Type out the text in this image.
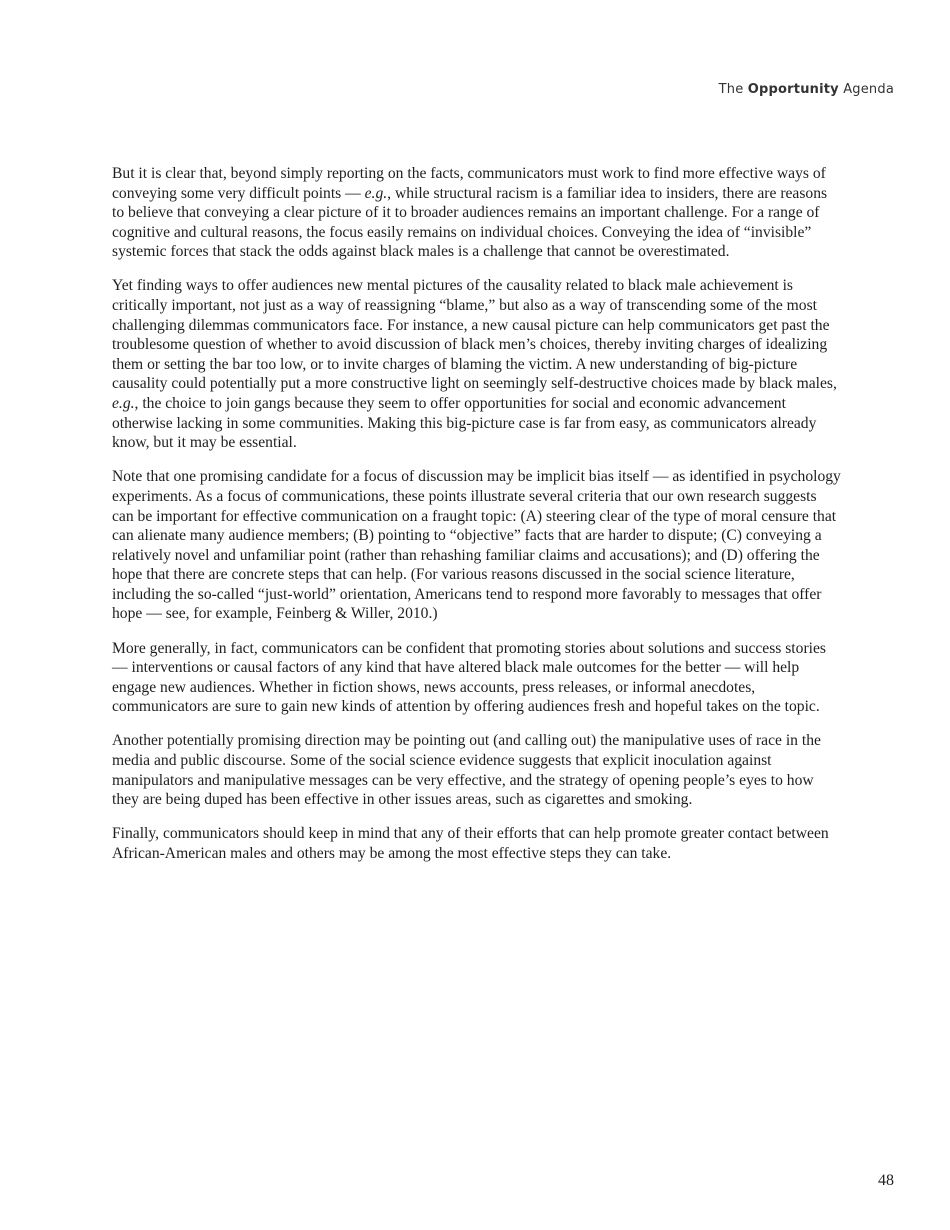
The Opportunity Agenda

But it is clear that, beyond simply reporting on the facts, communicators must work to find more effective ways of conveying some very difficult points — e.g., while structural racism is a familiar idea to insiders, there are reasons to believe that conveying a clear picture of it to broader audiences remains an important challenge. For a range of cognitive and cultural reasons, the focus easily remains on individual choices. Conveying the idea of “invisible” systemic forces that stack the odds against black males is a challenge that cannot be overestimated.

Yet finding ways to offer audiences new mental pictures of the causality related to black male achievement is critically important, not just as a way of reassigning “blame,” but also as a way of transcending some of the most challenging dilemmas communicators face. For instance, a new causal picture can help communicators get past the troublesome question of whether to avoid discussion of black men’s choices, thereby inviting charges of idealizing them or setting the bar too low, or to invite charges of blaming the victim. A new understanding of big-picture causality could potentially put a more constructive light on seemingly self-destructive choices made by black males, e.g., the choice to join gangs because they seem to offer opportunities for social and economic advancement otherwise lacking in some communities. Making this big-picture case is far from easy, as communicators already know, but it may be essential.

Note that one promising candidate for a focus of discussion may be implicit bias itself — as identified in psychology experiments. As a focus of communications, these points illustrate several criteria that our own research suggests can be important for effective communication on a fraught topic: (A) steering clear of the type of moral censure that can alienate many audience members; (B) pointing to “objective” facts that are harder to dispute; (C) conveying a relatively novel and unfamiliar point (rather than rehashing familiar claims and accusations); and (D) offering the hope that there are concrete steps that can help. (For various reasons discussed in the social science literature, including the so-called “just-world” orientation, Americans tend to respond more favorably to messages that offer hope — see, for example, Feinberg & Willer, 2010.)

More generally, in fact, communicators can be confident that promoting stories about solutions and success stories — interventions or causal factors of any kind that have altered black male outcomes for the better — will help engage new audiences. Whether in fiction shows, news accounts, press releases, or informal anecdotes, communicators are sure to gain new kinds of attention by offering audiences fresh and hopeful takes on the topic.

Another potentially promising direction may be pointing out (and calling out) the manipulative uses of race in the media and public discourse. Some of the social science evidence suggests that explicit inoculation against manipulators and manipulative messages can be very effective, and the strategy of opening people’s eyes to how they are being duped has been effective in other issues areas, such as cigarettes and smoking.

Finally, communicators should keep in mind that any of their efforts that can help promote greater contact between African-American males and others may be among the most effective steps they can take.

48
